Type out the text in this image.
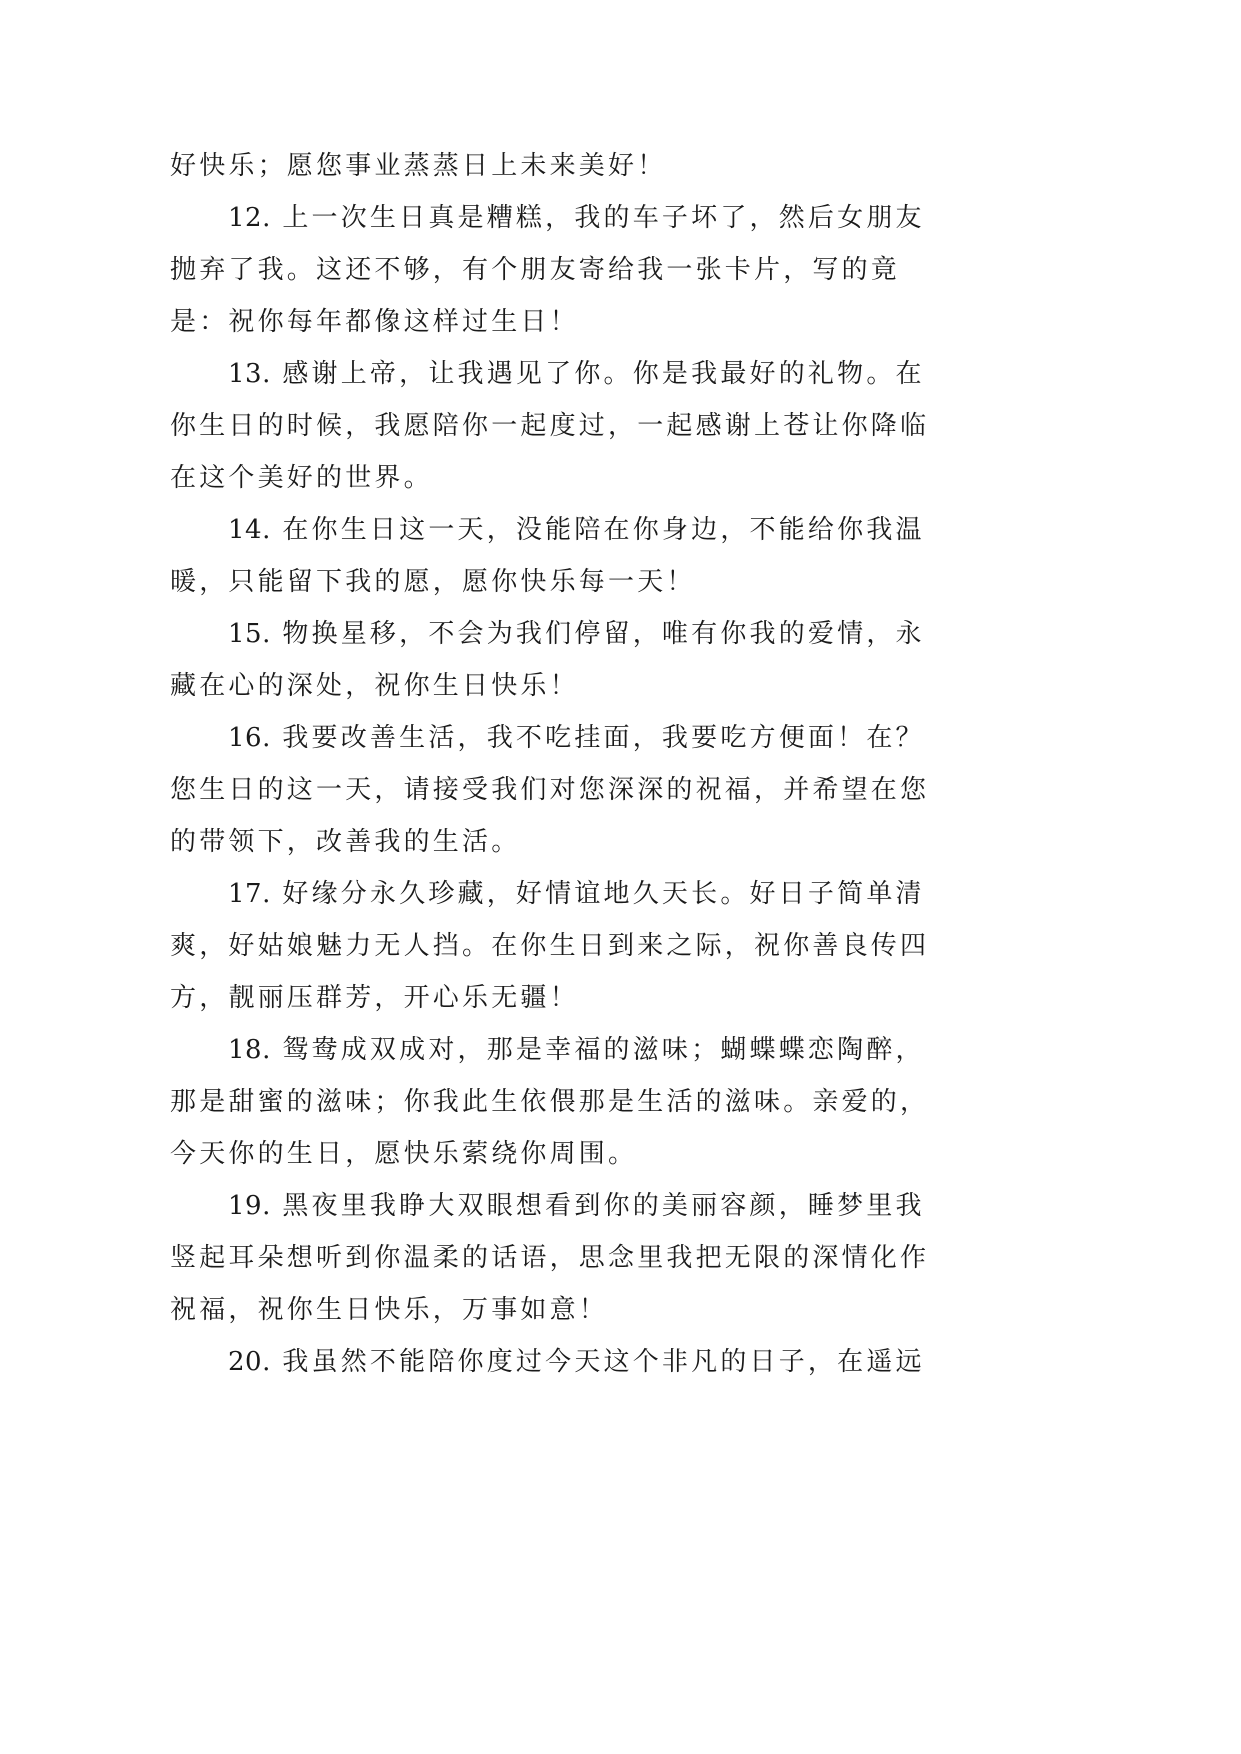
好快乐；愿您事业蒸蒸日上未来美好！

12. 上一次生日真是糟糕，我的车子坏了，然后女朋友抛弃了我。这还不够，有个朋友寄给我一张卡片，写的竟是：祝你每年都像这样过生日！

13. 感谢上帝，让我遇见了你。你是我最好的礼物。在你生日的时候，我愿陪你一起度过，一起感谢上苍让你降临在这个美好的世界。

14. 在你生日这一天，没能陪在你身边，不能给你我温暖，只能留下我的愿，愿你快乐每一天！

15. 物换星移，不会为我们停留，唯有你我的爱情，永藏在心的深处，祝你生日快乐！

16. 我要改善生活，我不吃挂面，我要吃方便面！在？您生日的这一天，请接受我们对您深深的祝福，并希望在您的带领下，改善我的生活。

17. 好缘分永久珍藏，好情谊地久天长。好日子简单清爽，好姑娘魅力无人挡。在你生日到来之际，祝你善良传四方，靓丽压群芳，开心乐无疆！

18. 鸳鸯成双成对，那是幸福的滋味；蝴蝶蝶恋陶醉，那是甜蜜的滋味；你我此生依偎那是生活的滋味。亲爱的，今天你的生日，愿快乐萦绕你周围。

19. 黑夜里我睁大双眼想看到你的美丽容颜，睡梦里我竖起耳朵想听到你温柔的话语，思念里我把无限的深情化作祝福，祝你生日快乐，万事如意！

20. 我虽然不能陪你度过今天这个非凡的日子，在遥远
